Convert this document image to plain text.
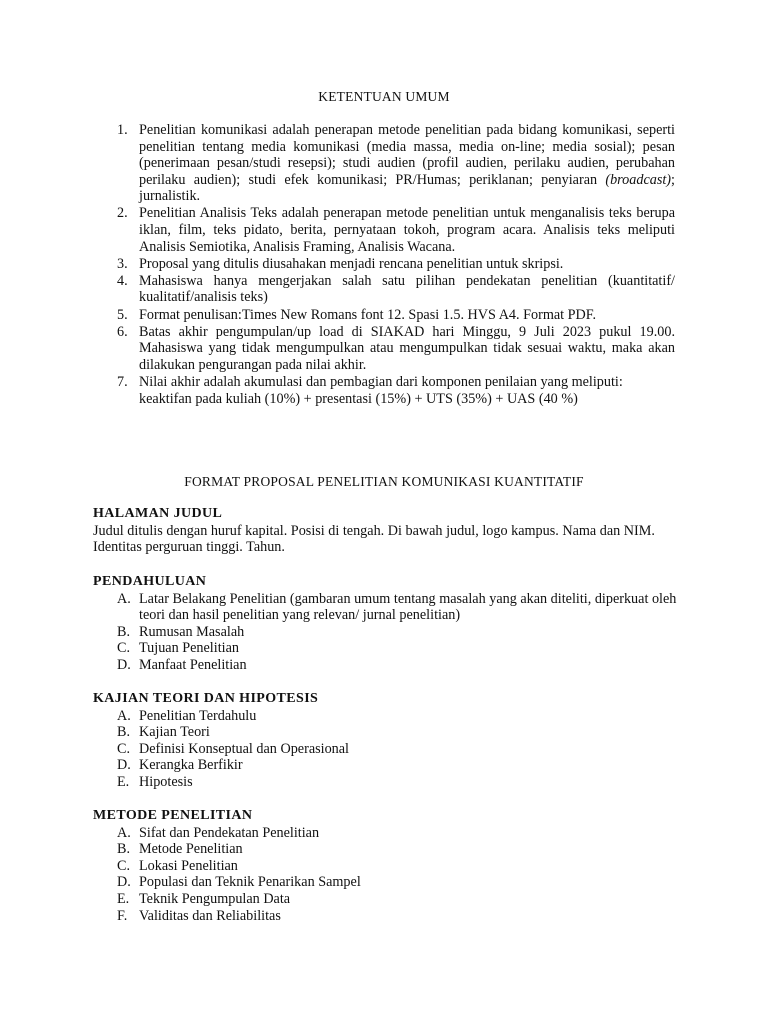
KETENTUAN UMUM
1. Penelitian komunikasi adalah penerapan metode penelitian pada bidang komunikasi, seperti penelitian tentang media komunikasi (media massa, media on-line; media sosial); pesan (penerimaan pesan/studi resepsi); studi audien (profil audien, perilaku audien, perubahan perilaku audien); studi efek komunikasi; PR/Humas; periklanan; penyiaran (broadcast); jurnalistik.
2. Penelitian Analisis Teks adalah penerapan metode penelitian untuk menganalisis teks berupa iklan, film, teks pidato, berita, pernyataan tokoh, program acara. Analisis teks meliputi Analisis Semiotika, Analisis Framing, Analisis Wacana.
3. Proposal yang ditulis diusahakan menjadi rencana penelitian untuk skripsi.
4. Mahasiswa hanya mengerjakan salah satu pilihan pendekatan penelitian (kuantitatif/ kualitatif/analisis teks)
5. Format penulisan:Times New Romans font 12. Spasi 1.5. HVS A4. Format PDF.
6. Batas akhir pengumpulan/up load di SIAKAD hari Minggu, 9 Juli 2023 pukul 19.00. Mahasiswa yang tidak mengumpulkan atau mengumpulkan tidak sesuai waktu, maka akan dilakukan pengurangan pada nilai akhir.
7. Nilai akhir adalah akumulasi dan pembagian dari komponen penilaian yang meliputi: keaktifan pada kuliah (10%) + presentasi (15%) + UTS (35%) + UAS (40 %)
FORMAT PROPOSAL PENELITIAN KOMUNIKASI KUANTITATIF
HALAMAN JUDUL

Judul ditulis dengan huruf kapital. Posisi di tengah. Di bawah judul, logo kampus. Nama dan NIM. Identitas perguruan tinggi. Tahun.

PENDAHULUAN
A. Latar Belakang Penelitian (gambaran umum tentang masalah yang akan diteliti, diperkuat oleh teori dan hasil penelitian yang relevan/ jurnal penelitian)
B. Rumusan Masalah
C. Tujuan Penelitian
D. Manfaat Penelitian
KAJIAN TEORI DAN HIPOTESIS
A. Penelitian Terdahulu
B. Kajian Teori
C. Definisi Konseptual dan Operasional
D. Kerangka Berfikir
E. Hipotesis
METODE PENELITIAN
A. Sifat dan Pendekatan Penelitian
B. Metode Penelitian
C. Lokasi Penelitian
D. Populasi dan Teknik Penarikan Sampel
E. Teknik Pengumpulan Data
F. Validitas dan Reliabilitas
